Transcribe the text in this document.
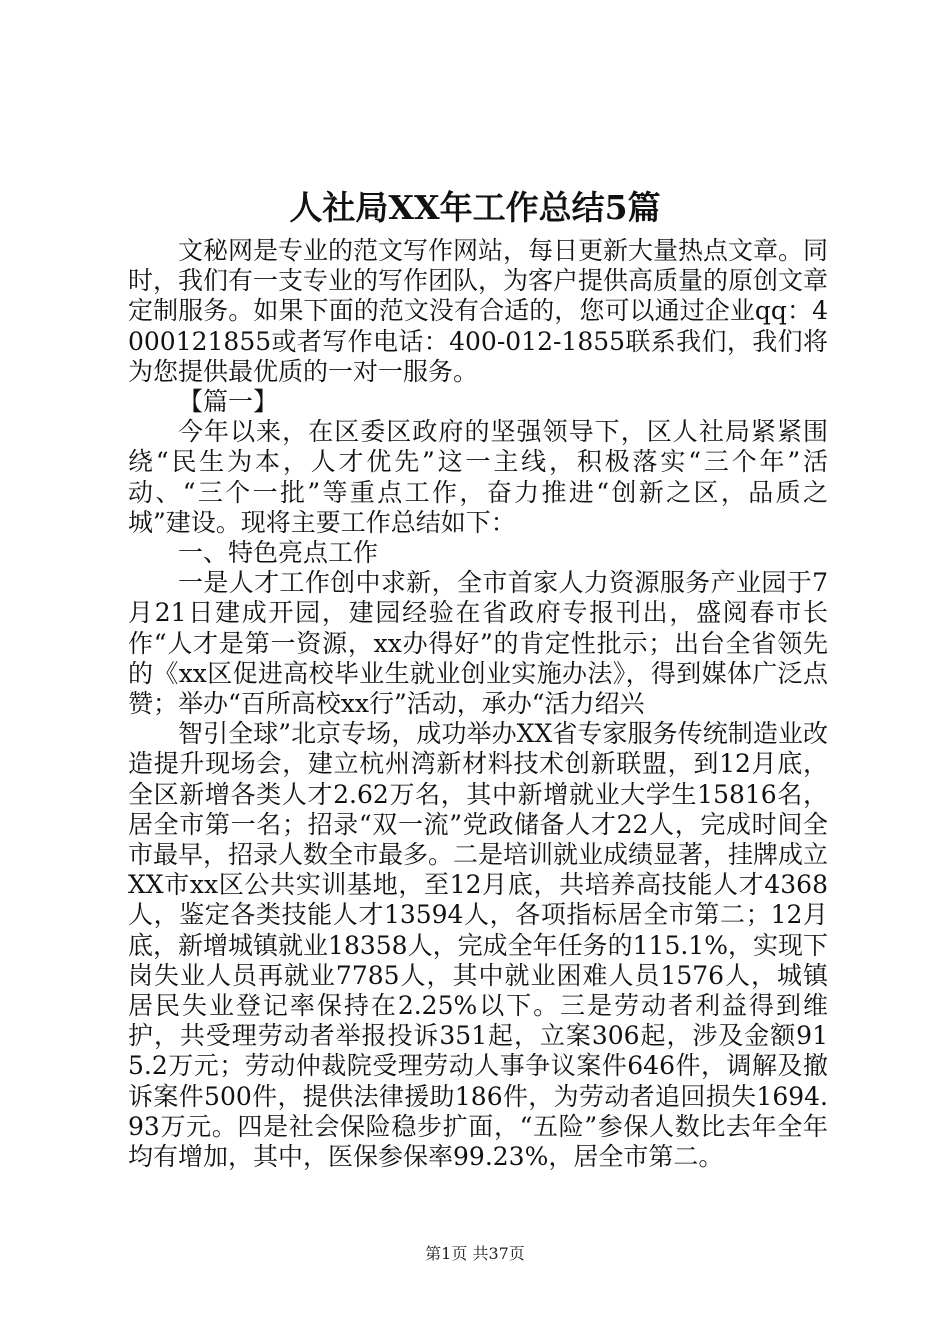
人社局XX年工作总结5篇

文秘网是专业的范文写作网站，每日更新大量热点文章。同时，我们有一支专业的写作团队，为客户提供高质量的原创文章定制服务。如果下面的范文没有合适的，您可以通过企业qq：4000121855或者写作电话：400-012-1855联系我们，我们将为您提供最优质的一对一服务。

【篇一】

今年以来，在区委区政府的坚强领导下，区人社局紧紧围绕“民生为本，人才优先”这一主线，积极落实“三个年”活动、“三个一批”等重点工作，奋力推进“创新之区，品质之城”建设。现将主要工作总结如下：

一、特色亮点工作

一是人才工作创中求新，全市首家人力资源服务产业园于7月21日建成开园，建园经验在省政府专报刊出，盛阅春市长作“人才是第一资源，xx办得好”的肯定性批示；出台全省领先的《xx区促进高校毕业生就业创业实施办法》，得到媒体广泛点赞；举办“百所高校xx行”活动，承办“活力绍兴

智引全球”北京专场，成功举办XX省专家服务传统制造业改造提升现场会，建立杭州湾新材料技术创新联盟，到12月底，全区新增各类人才2.62万名，其中新增就业大学生15816名，居全市第一名；招录“双一流”党政储备人才22人，完成时间全市最早，招录人数全市最多。二是培训就业成绩显著，挂牌成立XX市xx区公共实训基地，至12月底，共培养高技能人才4368人，鉴定各类技能人才13594人，各项指标居全市第二；12月底，新增城镇就业18358人，完成全年任务的115.1%，实现下岗失业人员再就业7785人，其中就业困难人员1576人，城镇居民失业登记率保持在2.25%以下。三是劳动者利益得到维护，共受理劳动者举报投诉351起，立案306起，涉及金额915.2万元；劳动仲裁院受理劳动人事争议案件646件，调解及撤诉案件500件，提供法律援助186件，为劳动者追回损失1694.93万元。四是社会保险稳步扩面，“五险”参保人数比去年全年均有增加，其中，医保参保率99.23%，居全市第二。

第1页 共37页
